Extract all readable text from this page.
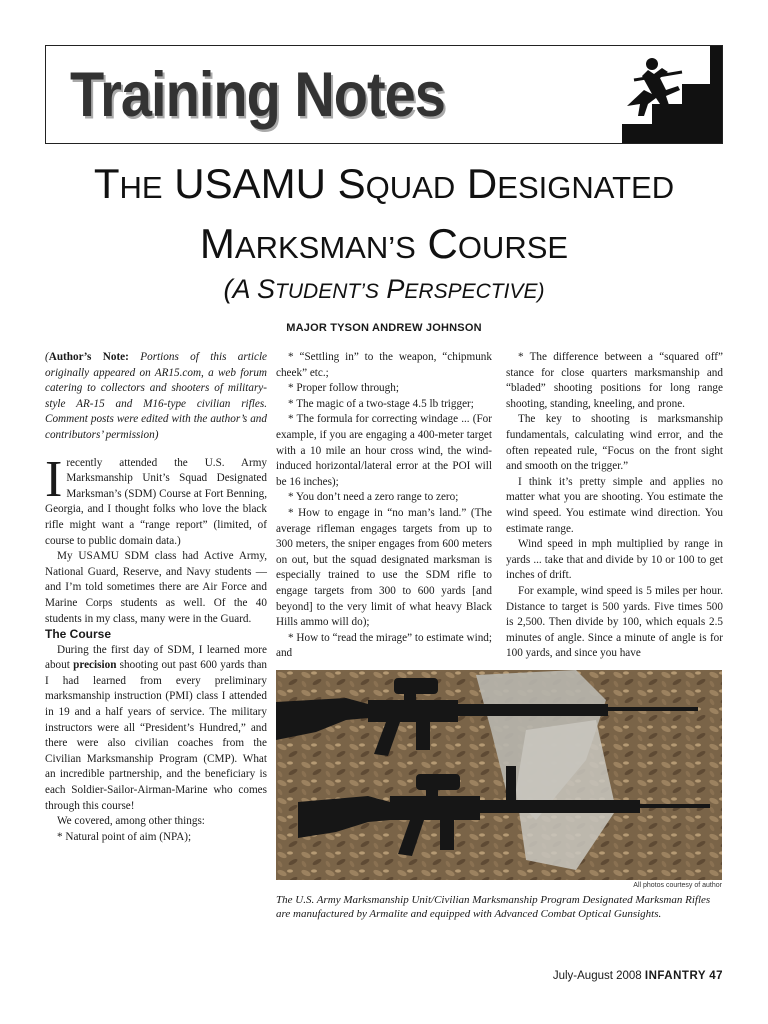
Training Notes
THE USAMU SQUAD DESIGNATED
MARKSMAN’S COURSE
(A STUDENT’S PERSPECTIVE)
MAJOR TYSON ANDREW JOHNSON

(Author’s Note: Portions of this article originally appeared on AR15.com, a web forum catering to collectors and shooters of military-style AR-15 and M16-type civilian rifles. Comment posts were edited with the author’s and contributors’ permission)

Irecently attended the U.S. Army Marksmanship Unit’s Squad Designated Marksman’s (SDM) Course at Fort Benning, Georgia, and I thought folks who love the black rifle might want a “range report” (limited, of course to public domain data.)

My USAMU SDM class had Active Army, National Guard, Reserve, and Navy students — and I’m told sometimes there are Air Force and Marine Corps students as well. Of the 40 students in my class, many were in the Guard.

The Course

During the first day of SDM, I learned more about precision shooting out past 600 yards than I had learned from every preliminary marksmanship instruction (PMI) class I attended in 19 and a half years of service. The military instructors were all “President’s Hundred,” and there were also civilian coaches from the Civilian Marksmanship Program (CMP). What an incredible partnership, and the beneficiary is each Soldier-Sailor-Airman-Marine who comes through this course!

We covered, among other things:

* Natural point of aim (NPA);

* “Settling in” to the weapon, “chipmunk cheek” etc.;

* Proper follow through;

* The magic of a two-stage 4.5 lb trigger;

* The formula for correcting windage ... (For example, if you are engaging a 400-meter target with a 10 mile an hour cross wind, the wind-induced horizontal/lateral error at the POI will be 16 inches);

* You don’t need a zero range to zero;

* How to engage in “no man’s land.” (The average rifleman engages targets from up to 300 meters, the sniper engages from 600 meters on out, but the squad designated marksman is especially trained to use the SDM rifle to engage targets from 300 to 600 yards [and beyond] to the very limit of what heavy Black Hills ammo will do);

* How to “read the mirage” to estimate wind; and

* The difference between a “squared off” stance for close quarters marksmanship and “bladed” shooting positions for long range shooting, standing, kneeling, and prone.

The key to shooting is marksmanship fundamentals, calculating wind error, and the often repeated rule, “Focus on the front sight and smooth on the trigger.”

I think it’s pretty simple and applies no matter what you are shooting. You estimate the wind speed. You estimate wind direction. You estimate range.

Wind speed in mph multiplied by range in yards ... take that and divide by 10 or 100 to get inches of drift.

For example, wind speed is 5 miles per hour. Distance to target is 500 yards. Five times 500 is 2,500. Then divide by 100, which equals 2.5 minutes of angle. Since a minute of angle is for 100 yards, and since you have

All photos courtesy of author
The U.S. Army Marksmanship Unit/Civilian Marksmanship Program Designated Marksman Rifles are manufactured by Armalite and equipped with Advanced Combat Optical Gunsights.
July-August 2008 INFANTRY 47
